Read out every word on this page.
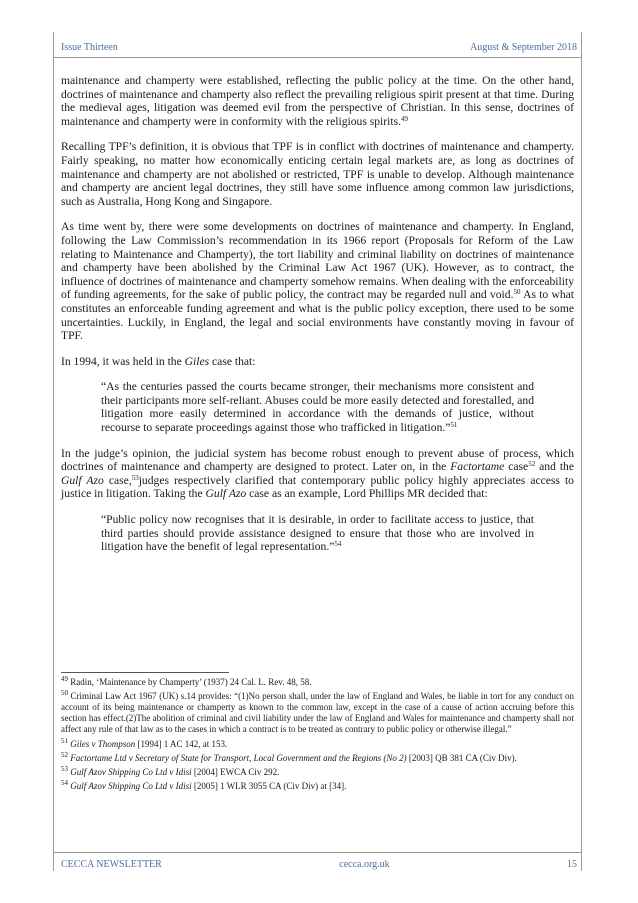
Issue Thirteen	August & September 2018

maintenance and champerty were established, reflecting the public policy at the time. On the other hand, doctrines of maintenance and champerty also reflect the prevailing religious spirit present at that time. During the medieval ages, litigation was deemed evil from the perspective of Christian. In this sense, doctrines of maintenance and champerty were in conformity with the religious spirits.$^{49}$

Recalling TPF’s definition, it is obvious that TPF is in conflict with doctrines of maintenance and champerty. Fairly speaking, no matter how economically enticing certain legal markets are, as long as doctrines of maintenance and champerty are not abolished or restricted, TPF is unable to develop. Although maintenance and champerty are ancient legal doctrines, they still have some influence among common law jurisdictions, such as Australia, Hong Kong and Singapore.

As time went by, there were some developments on doctrines of maintenance and champerty. In England, following the Law Commission’s recommendation in its 1966 report (Proposals for Reform of the Law relating to Maintenance and Champerty), the tort liability and criminal liability on doctrines of maintenance and champerty have been abolished by the Criminal Law Act 1967 (UK). However, as to contract, the influence of doctrines of maintenance and champerty somehow remains. When dealing with the enforceability of funding agreements, for the sake of public policy, the contract may be regarded null and void.$^{50}$ As to what constitutes an enforceable funding agreement and what is the public policy exception, there used to be some uncertainties. Luckily, in England, the legal and social environments have constantly moving in favour of TPF.

In 1994, it was held in the Giles case that:

“As the centuries passed the courts became stronger, their mechanisms more consistent and their participants more self-reliant. Abuses could be more easily detected and forestalled, and litigation more easily determined in accordance with the demands of justice, without recourse to separate proceedings against those who trafficked in litigation.”$^{51}$

In the judge’s opinion, the judicial system has become robust enough to prevent abuse of process, which doctrines of maintenance and champerty are designed to protect. Later on, in the Factortame case$^{52}$ and the Gulf Azo case,$^{53}$judges respectively clarified that contemporary public policy highly appreciates access to justice in litigation. Taking the Gulf Azo case as an example, Lord Phillips MR decided that:

“Public policy now recognises that it is desirable, in order to facilitate access to justice, that third parties should provide assistance designed to ensure that those who are involved in litigation have the benefit of legal representation.”$^{54}$

$^{49}$ Radin, ‘Maintenance by Champerty’ (1937) 24 Cal. L. Rev. 48, 58.

$^{50}$ Criminal Law Act 1967 (UK) s.14 provides: “(1)No person shall, under the law of England and Wales, be liable in tort for any conduct on account of its being maintenance or champerty as known to the common law, except in the case of a cause of action accruing before this section has effect.(2)The abolition of criminal and civil liability under the law of England and Wales for maintenance and champerty shall not affect any rule of that law as to the cases in which a contract is to be treated as contrary to public policy or otherwise illegal.”

$^{51}$ Giles v Thompson [1994] 1 AC 142, at 153.

$^{52}$ Factortame Ltd v Secretary of State for Transport, Local Government and the Regions (No 2) [2003] QB 381 CA (Civ Div).

$^{53}$ Gulf Azov Shipping Co Ltd v Idisi [2004] EWCA Civ 292.

$^{54}$ Gulf Azov Shipping Co Ltd v Idisi [2005] 1 WLR 3055 CA (Civ Div) at [34].

CECCA NEWSLETTER	cecca.org.uk	15
